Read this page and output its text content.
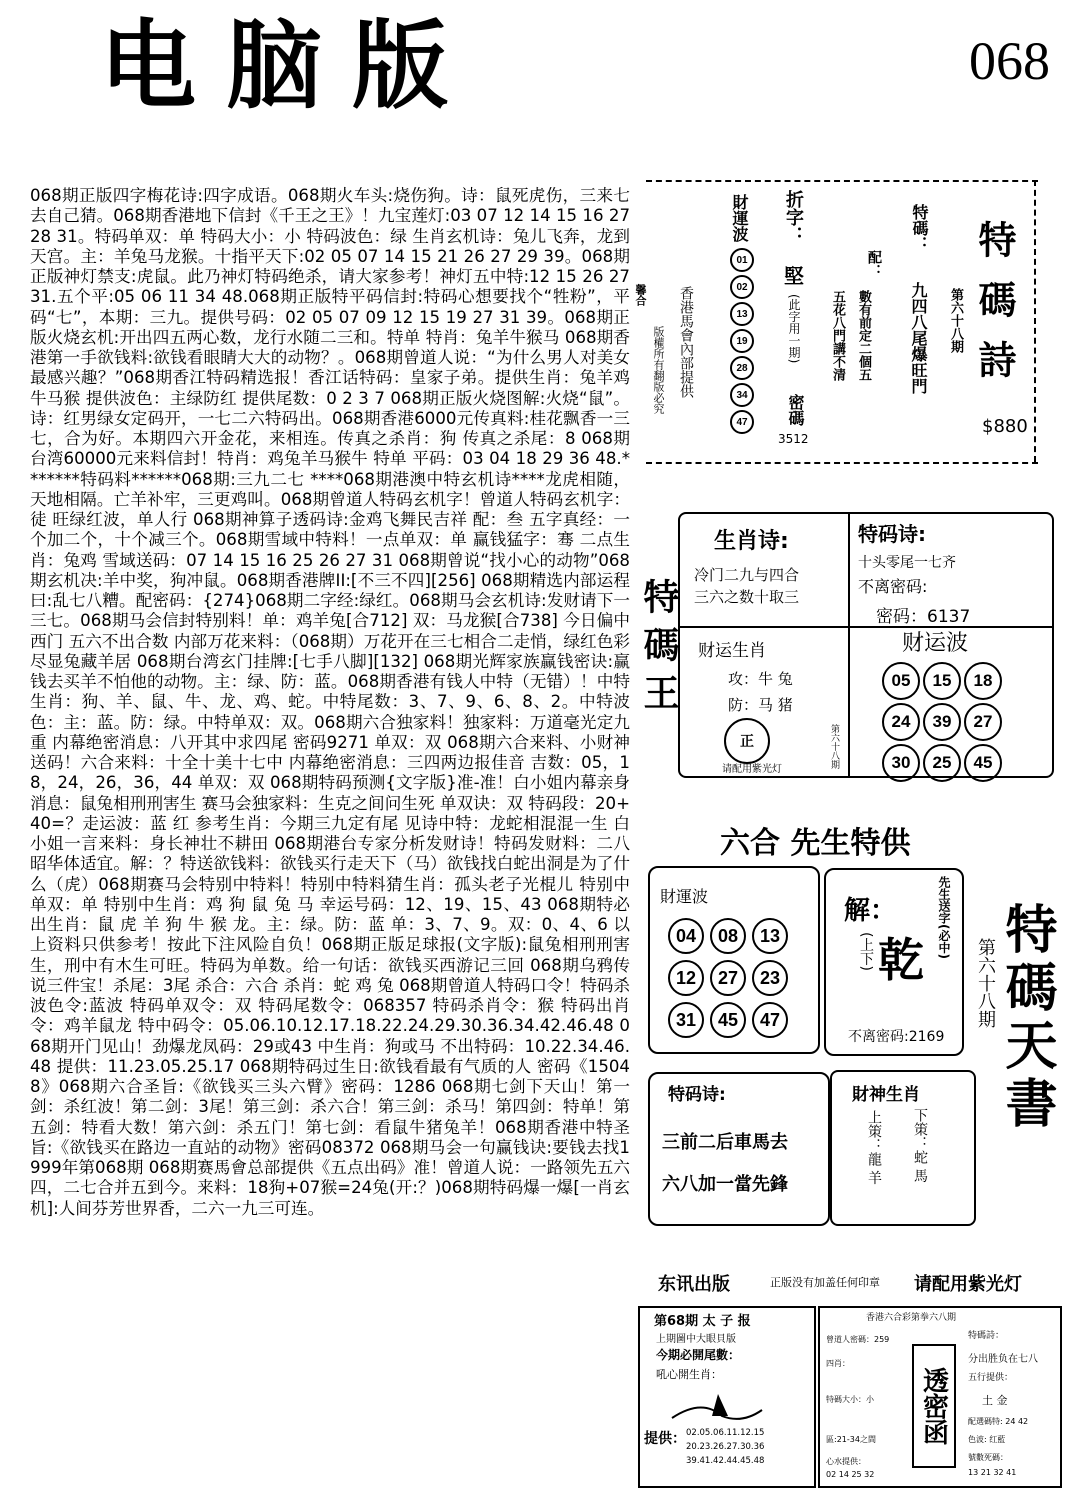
电脑版	068
068期正版四字梅花诗:四字成语。068期火车头:烧伤狗。诗：鼠死虎伤，三来七去自己猜。068期香港地下信封《千王之王》！九宝莲灯:03 07 12 14 15 16 27 28 31。特码单双：单 特码大小：小 特码波色：绿 生肖玄机诗：兔儿飞奔，龙到天宫。主：羊兔马龙猴。十指平天下:02 05 07 14 15 21 26 27 29 39。068期正版神灯禁支:虎鼠。此乃神灯特码绝杀，请大家参考！神灯五中特:12 15 26 27 31.五个平:05 06 11 34 48.068期正版特平码信封:特码心想要找个“牲粉”，平码“七”，本期：三九。提供号码：02 05 07 09 12 15 19 27 31 39。068期正版火烧玄机:开出四五两心数，龙行水随二三和。特单 特肖：兔羊牛猴马 068期香港第一手欲钱料:欲钱看眼睛大大的动物？。068期曾道人说：“为什么男人对美女最感兴趣？”068期香江特码精选报！香江话特码：皇家子弟。提供生肖：兔羊鸡牛马猴 提供波色：主绿防红 提供尾数：0 2 3 7 068期正版火烧图解:火烧“鼠”。诗：红男绿女定码开，一七二六特码出。068期香港6000元传真料:桂花飘香一三七，合为好。本期四六开金花，来相连。传真之杀肖：狗 传真之杀尾：8 068期台湾60000元来料信封！特肖：鸡兔羊马猴牛 特单 平码：03 04 18 29 36 48.*******特码料******068期:三九二七 ****068期港澳中特玄机诗****龙虎相随，天地相隔。亡羊补牢，三更鸡叫。068期曾道人特码玄机字！曾道人特码玄机字：徒 旺绿红波，单人行 068期神算子透码诗:金鸡飞舞民吉祥 配：叁 五字真经：一个加二个，十个减三个。068期雪域中特料！一点单双：单 赢钱猛字：骞 二点生肖：兔鸡 雪域送码：07 14 15 16 25 26 27 31 068期曾说“找小心的动物”068期玄机决:羊中奖，狗冲鼠。068期香港牌II:[不三不四][256] 068期精选内部运程曰:乱七八糟。配密码：{274}068期二字经:绿红。068期马会玄机诗:发财请下一三七。068期马会信封特别料！单：鸡羊兔[合712] 双：马龙猴[合738] 今日偏中西门 五六不出合数 内部万花来料：（068期）万花开在三七相合二走悄，绿红色彩尽显兔藏羊居 068期台湾玄门挂牌:[七手八脚][132] 068期光辉家族赢钱密诀:赢钱去买羊不怕他的动物。主：绿、防：蓝。068期香港有钱人中特（无错）！中特生肖：狗、羊、鼠、牛、龙、鸡、蛇。中特尾数：3、7、9、6、8、2。中特波色：主：蓝。防：绿。中特单双：双。068期六合独家料！独家料：万道毫光定九重 内幕绝密消息：八开其中求四尾 密码9271 单双：双 068期六合来料、小财神送码！六合来料：十全十美十七中 内幕绝密消息：三四两边报佳音 吉数：05，18，24，26，36，44 单双：双 068期特码预测{文字版}准-准！白小姐内幕亲身消息：鼠兔相刑刑害生 赛马会独家料：生克之间问生死 单双诀：双 特码段：20+40=？走运波：蓝 红 参考生肖：今期三九定有尾 见诗中特：龙蛇相混混一生 白小姐一言来料：身长神壮不耕田 068期港台专家分析发财诗！特码发财料：二八昭华体适宜。解：？特送欲钱料：欲钱买行走天下（马）欲钱找白蛇出洞是为了什么（虎）068期赛马会特别中特料！特别中特料猜生肖：孤头老子光棍儿 特别中单双：单 特别中生肖：鸡 狗 鼠 兔 马 幸运号码：12、19、15、43 068期特必出生肖：鼠 虎 羊 狗 牛 猴 龙。主：绿。防：蓝 单：3、7、9。双：0、4、6 以上资料只供参考！按此下注风险自负！068期正版足球报(文字版):鼠兔相刑刑害生，刑中有木生可旺。特码为单数。给一句话：欲钱买西游记三回 068期乌鸦传说三件宝！杀尾：3尾 杀合：六合 杀肖：蛇 鸡 兔 068期曾道人特码口令！特码杀波色令:蓝波 特码单双令：双 特码尾数令：068357 特码杀肖令：猴 特码出肖令：鸡羊鼠龙 特中码令：05.06.10.12.17.18.22.24.29.30.36.34.42.46.48 068期开门见山！劲爆龙凤码：29或43 中生肖：狗或马 不出特码：10.22.34.46.48 提供：11.23.05.25.17 068期特码过生日:欲钱看最有气质的人 密码《15048》068期六合圣旨:《欲钱买三头六臂》密码：1286 068期七剑下天山！第一剑：杀红波！第二剑：3尾！第三剑：杀六合！第三剑：杀马！第四剑：特单！第五剑：特看大数！第六剑：杀五门！第七剑：看鼠牛猪兔羊！068期香港中特圣旨:《欲钱买在路边一直站的动物》密码08372 068期马会一句赢钱诀:要钱去找1999年第068期 068期赛馬會总部提供《五点出码》准！曾道人说：一路领先五六四，二七合并五到今。来料：18狗+07猴=24兔(开:？)068期特码爆一爆[一肖玄机]:人间芬芳世界香，二六一九三可连。
馨合
版權所有翻版必究 香港馬會內部提供
財運波
01
02
13
19
28
34
47
折字：
堅
(此字用一期)
密碼
3512
配：
五花八門講不清 數有前定二個五
特碼：
九四八尾爆旺門 第六十八期 特碼詩
$880
特碼王
生肖诗:
冷门二九与四合
三六之数十取三
特码诗:
十头零尾一七齐
不离密码:
密码：6137
财运生肖
攻：牛 兔
防：马 猪
正
请配用紫光灯
第六十八期
财运波
05	15	18
24	39	27
30	25	45
六合 先生特供
財運波
04	08	13
12	27	23
31	45	47
解：
(上下) 乾
先生送字(必中)
不离密码:2169 特碼天書
第六十八期
特码诗:
三前二后車馬去
六八加一當先鋒
財神生肖
上策：龍 羊 下策：蛇 馬
东讯出版	正版没有加盖任何印章 请配用紫光灯
第68期 太 子 报
上期圖中大眼貝版
今期必開尾數：
吼心開生肖：
提供： 02.05.06.11.12.15 20.23.26.27.30.36 39.41.42.44.45.48
香港六合彩第拳六八期
曾道人密碼：259
四肖：
特碼大小：小
區:21-34之間
心水提供：
02 14 25 32
透密函
特碼詩：
分出胜负在七八
五行提供：
土 金
配選碼特: 24 42
色波: 红藍
號數死碼：
13 21 32 41
